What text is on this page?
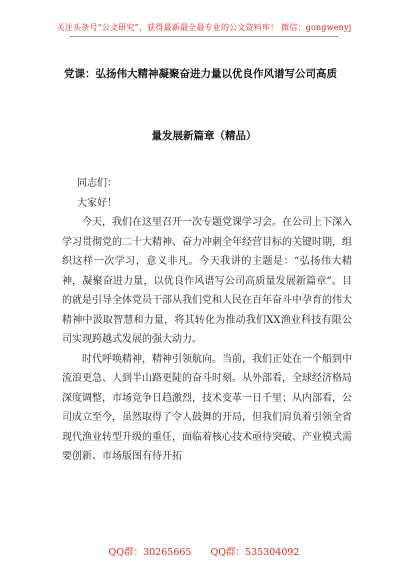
关注头条号“公文研究”，获得最新最全最专业的公文资料库！ 微信：gongwenyj
党课：弘扬伟大精神凝聚奋进力量以优良作风谱写公司高质
量发展新篇章（精品）

同志们：

大家好！

今天，我们在这里召开一次专题党课学习会。在公司上下深入学习贯彻党的二十大精神、奋力冲刺全年经营目标的关键时期，组织这样一次学习，意义非凡。今天我讲的主题是：“弘扬伟大精神，凝聚奋进力量，以优良作风谱写公司高质量发展新篇章”。目的就是引导全体党员干部从我们党和人民在百年奋斗中孕育的伟大精神中汲取智慧和力量，将其转化为推动我们XX渔业科技有限公司实现跨越式发展的强大动力。

时代呼唤精神，精神引领航向。当前，我们正处在一个船到中流浪更急、人到半山路更陡的奋斗时刻。从外部看，全球经济格局深度调整，市场竞争日趋激烈，技术变革一日千里；从内部看，公司成立至今，虽然取得了令人鼓舞的开局，但我们肩负着引领全省现代渔业转型升级的重任，面临着核心技术亟待突破、产业模式需要创新、市场版图有待开拓

QQ群：30265665 QQ群：535304092
